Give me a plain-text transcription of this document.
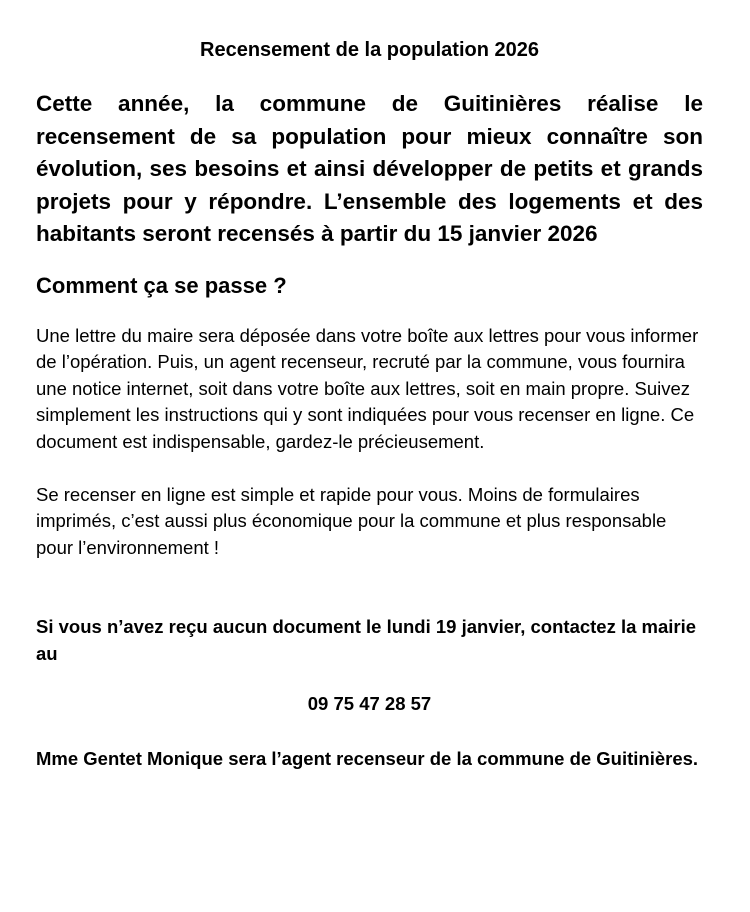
Recensement de la population 2026

Cette année, la commune de Guitinières réalise le recensement de sa population pour mieux connaître son évolution, ses besoins et ainsi développer de petits et grands projets pour y répondre. L’ensemble des logements et des habitants seront recensés à partir du 15 janvier 2026

Comment ça se passe ?

Une lettre du maire sera déposée dans votre boîte aux lettres pour vous informer de l’opération. Puis, un agent recenseur, recruté par la commune, vous fournira une notice internet, soit dans votre boîte aux lettres, soit en main propre. Suivez simplement les instructions qui y sont indiquées pour vous recenser en ligne. Ce document est indispensable, gardez-le précieusement.

Se recenser en ligne est simple et rapide pour vous. Moins de formulaires imprimés, c’est aussi plus économique pour la commune et plus responsable pour l’environnement !

Si vous n’avez reçu aucun document le lundi 19 janvier, contactez la mairie au

09 75 47 28 57

Mme Gentet Monique sera l’agent recenseur de la commune de Guitinières.
